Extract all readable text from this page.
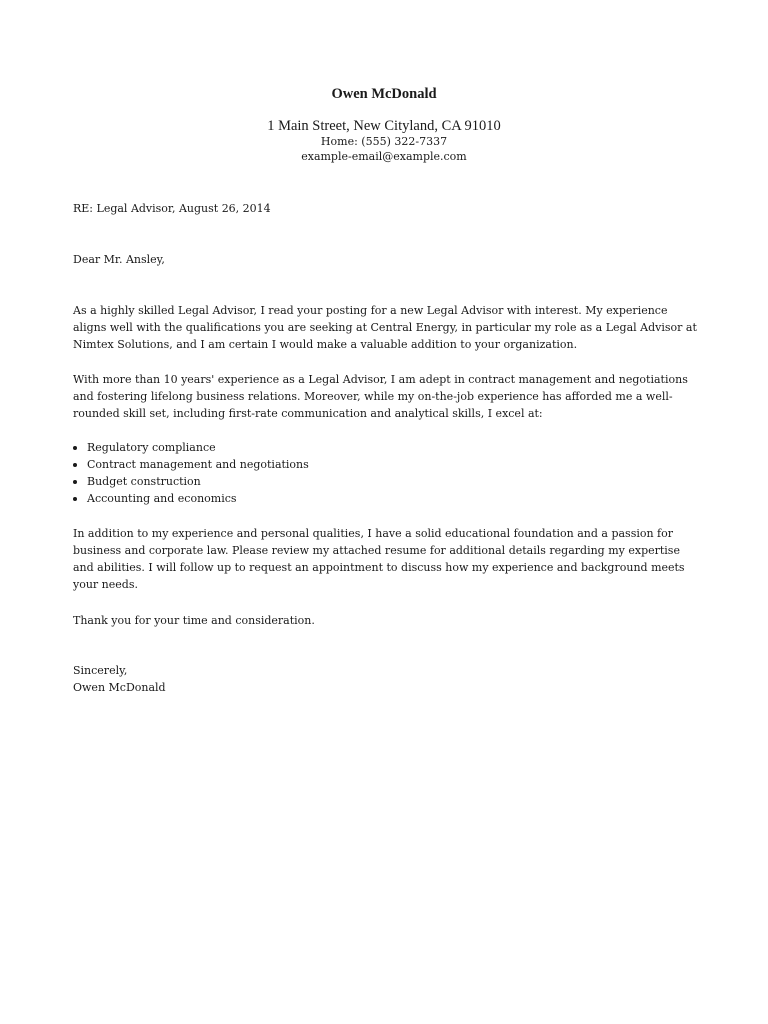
Owen McDonald
1 Main Street, New Cityland, CA 91010
Home: (555) 322-7337
example-email@example.com

RE: Legal Advisor, August 26, 2014

Dear Mr. Ansley,

As a highly skilled Legal Advisor, I read your posting for a new Legal Advisor with interest. My experience aligns well with the qualifications you are seeking at Central Energy, in particular my role as a Legal Advisor at Nimtex Solutions, and I am certain I would make a valuable addition to your organization.

With more than 10 years' experience as a Legal Advisor, I am adept in contract management and negotiations and fostering lifelong business relations. Moreover, while my on-the-job experience has afforded me a well-rounded skill set, including first-rate communication and analytical skills, I excel at:

Regulatory compliance
Contract management and negotiations
Budget construction
Accounting and economics

In addition to my experience and personal qualities, I have a solid educational foundation and a passion for business and corporate law. Please review my attached resume for additional details regarding my expertise and abilities. I will follow up to request an appointment to discuss how my experience and background meets your needs.

Thank you for your time and consideration.

Sincerely,

Owen McDonald
